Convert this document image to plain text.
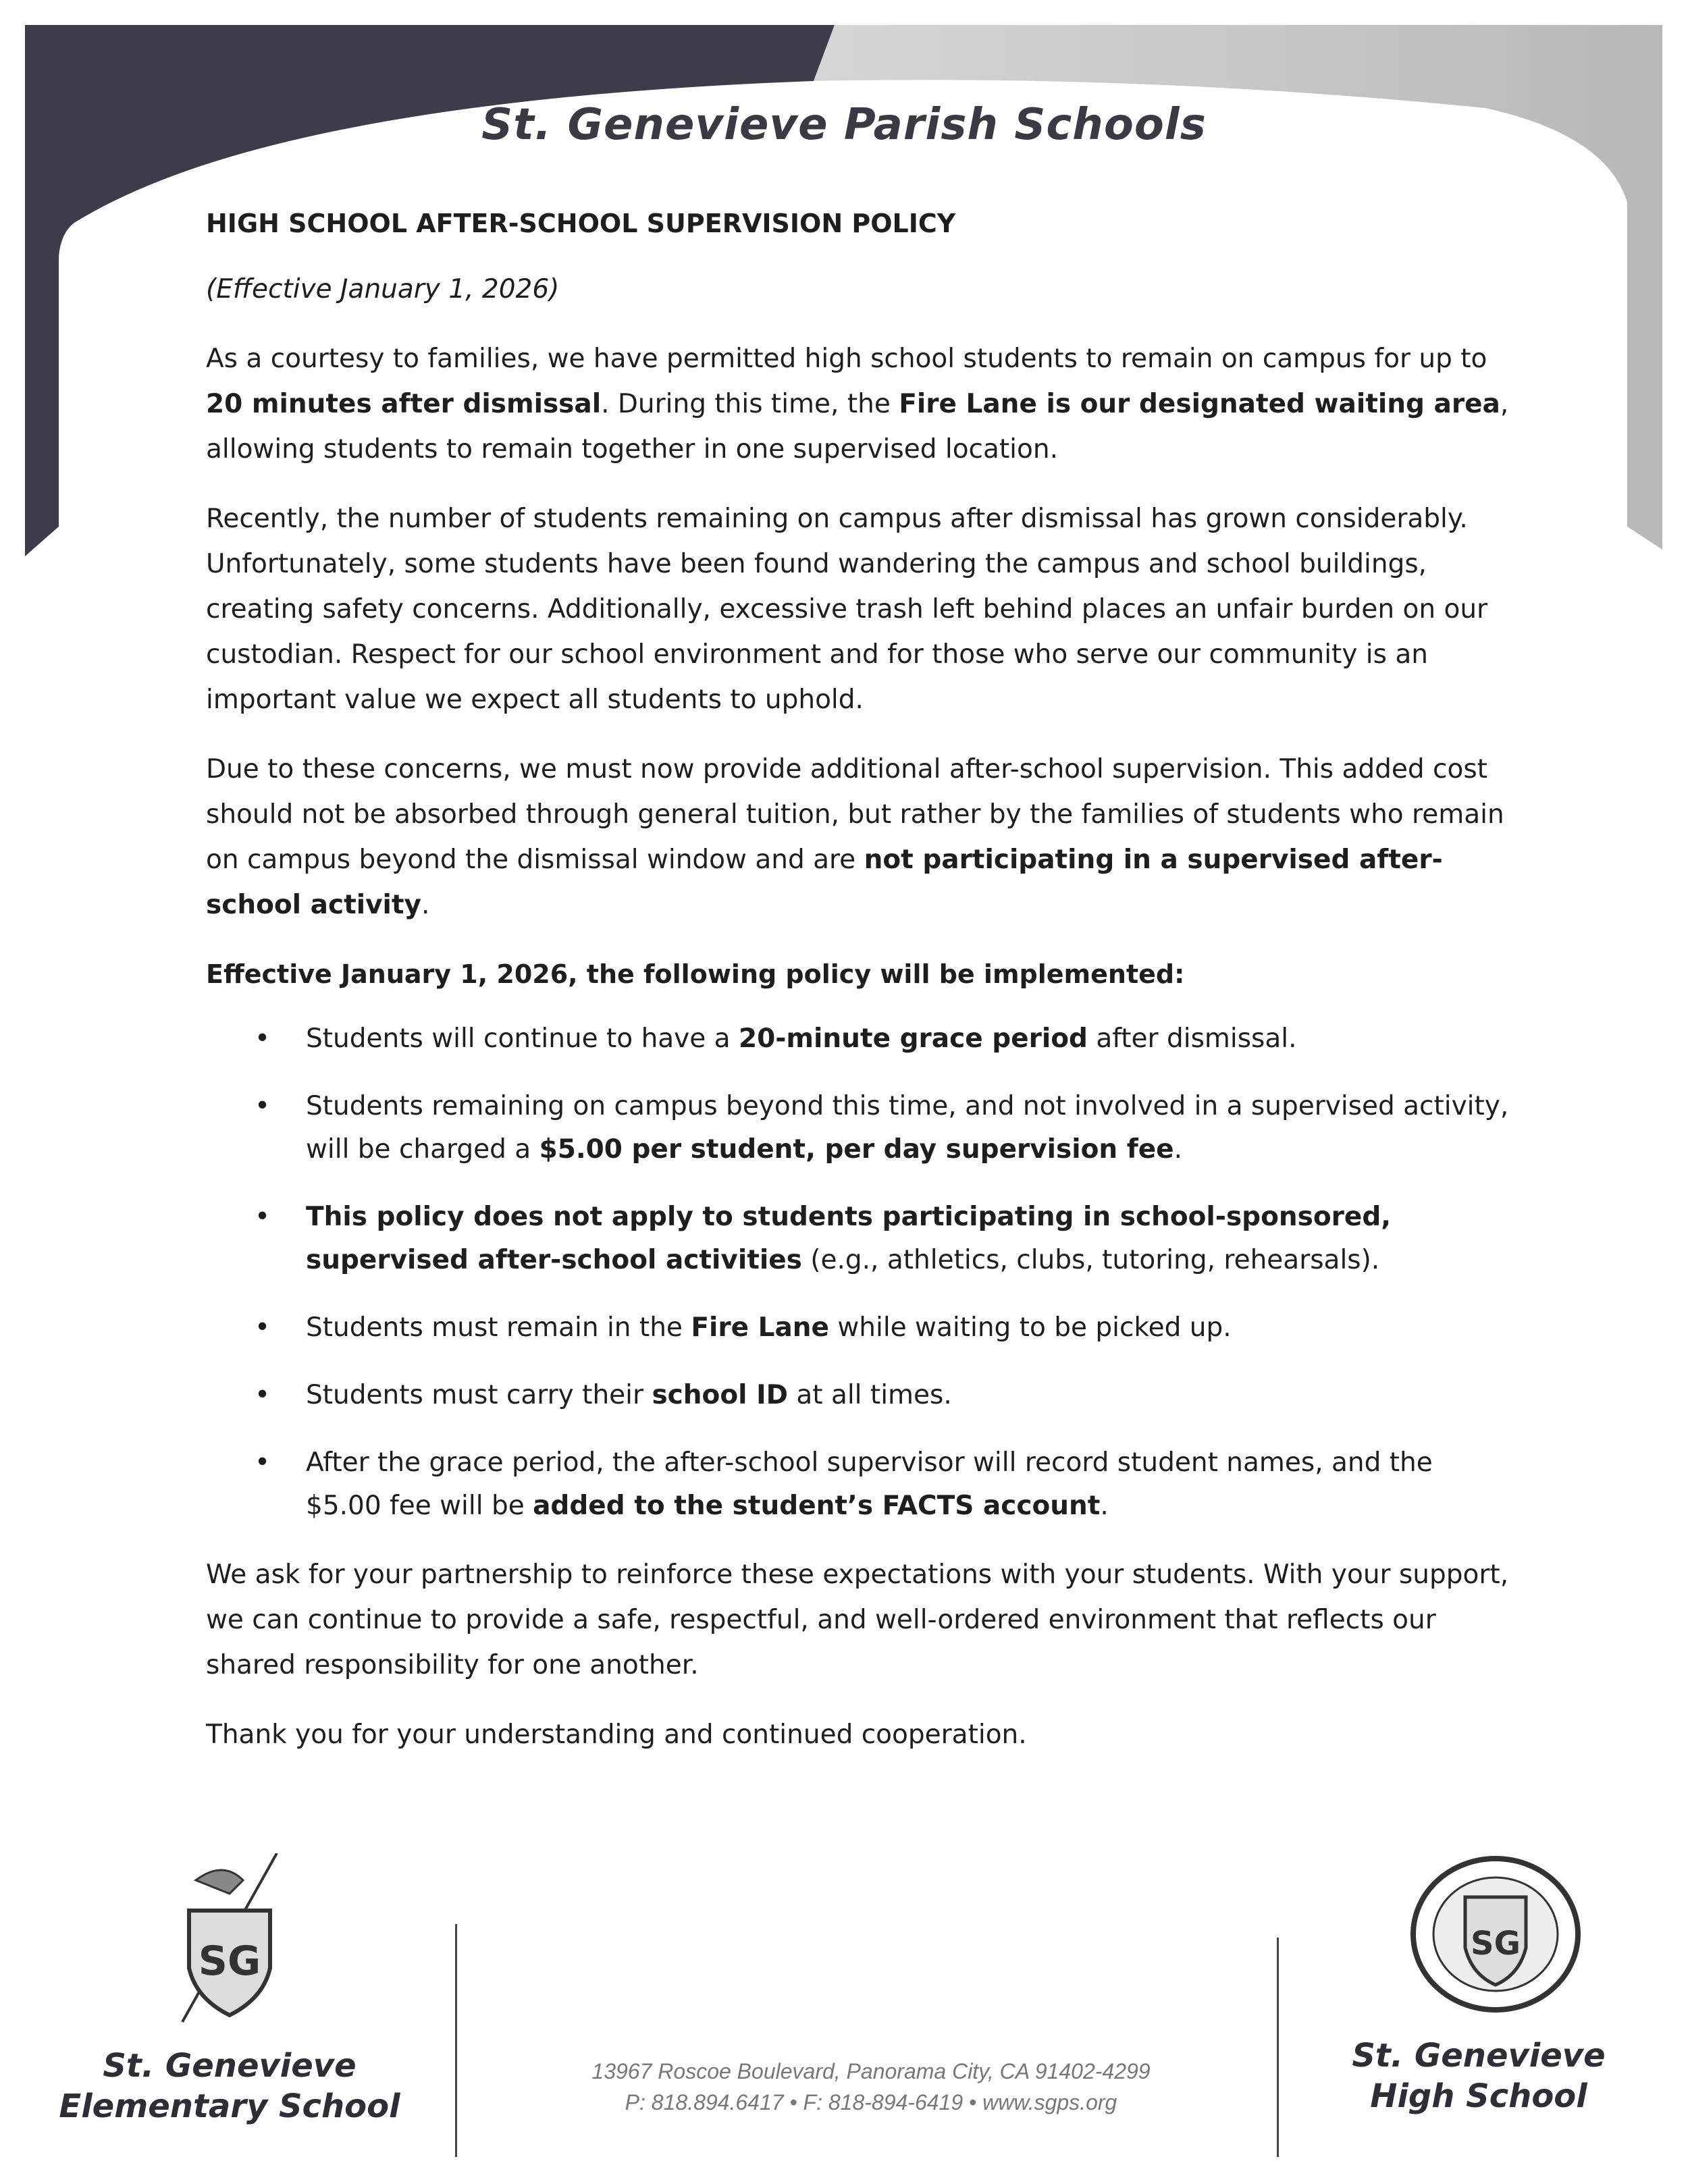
St. Genevieve Parish Schools

HIGH SCHOOL AFTER-SCHOOL SUPERVISION POLICY

(Effective January 1, 2026)

As a courtesy to families, we have permitted high school students to remain on campus for up to 20 minutes after dismissal. During this time, the Fire Lane is our designated waiting area, allowing students to remain together in one supervised location.

Recently, the number of students remaining on campus after dismissal has grown considerably. Unfortunately, some students have been found wandering the campus and school buildings, creating safety concerns. Additionally, excessive trash left behind places an unfair burden on our custodian. Respect for our school environment and for those who serve our community is an important value we expect all students to uphold.

Due to these concerns, we must now provide additional after-school supervision. This added cost should not be absorbed through general tuition, but rather by the families of students who remain on campus beyond the dismissal window and are not participating in a supervised after-school activity.

Effective January 1, 2026, the following policy will be implemented:

• Students will continue to have a 20-minute grace period after dismissal.
• Students remaining on campus beyond this time, and not involved in a supervised activity, will be charged a $5.00 per student, per day supervision fee.
• This policy does not apply to students participating in school-sponsored, supervised after-school activities (e.g., athletics, clubs, tutoring, rehearsals).
• Students must remain in the Fire Lane while waiting to be picked up.
• Students must carry their school ID at all times.
• After the grace period, the after-school supervisor will record student names, and the $5.00 fee will be added to the student’s FACTS account.

We ask for your partnership to reinforce these expectations with your students. With your support, we can continue to provide a safe, respectful, and well-ordered environment that reflects our shared responsibility for one another.

Thank you for your understanding and continued cooperation.

SG	SG
St. Genevieve
Elementary School
13967 Roscoe Boulevard, Panorama City, CA 91402-4299
P: 818.894.6417 • F: 818-894-6419 • www.sgps.org
St. Genevieve
High School
